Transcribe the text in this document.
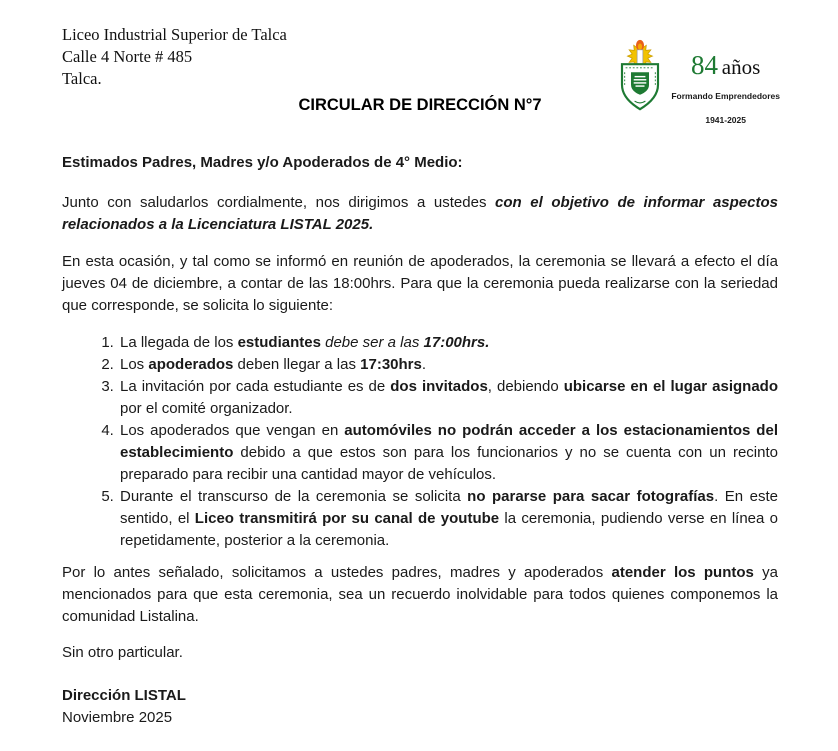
Liceo Industrial Superior de Talca
Calle 4 Norte # 485
Talca.	84 años
Formando Emprendedores
1941-2025
CIRCULAR DE DIRECCIÓN N°7

Estimados Padres, Madres y/o Apoderados de 4° Medio:

Junto con saludarlos cordialmente, nos dirigimos a ustedes con el objetivo de informar aspectos relacionados a la Licenciatura LISTAL 2025.

En esta ocasión, y tal como se informó en reunión de apoderados, la ceremonia se llevará a efecto el día jueves 04 de diciembre, a contar de las 18:00hrs. Para que la ceremonia pueda realizarse con la seriedad que corresponde, se solicita lo siguiente:

1. La llegada de los estudiantes debe ser a las 17:00hrs.
2. Los apoderados deben llegar a las 17:30hrs.
3. La invitación por cada estudiante es de dos invitados, debiendo ubicarse en el lugar asignado por el comité organizador.
4. Los apoderados que vengan en automóviles no podrán acceder a los estacionamientos del establecimiento debido a que estos son para los funcionarios y no se cuenta con un recinto preparado para recibir una cantidad mayor de vehículos.
5. Durante el transcurso de la ceremonia se solicita no pararse para sacar fotografías. En este sentido, el Liceo transmitirá por su canal de youtube la ceremonia, pudiendo verse en línea o repetidamente, posterior a la ceremonia.

Por lo antes señalado, solicitamos a ustedes padres, madres y apoderados atender los puntos ya mencionados para que esta ceremonia, sea un recuerdo inolvidable para todos quienes componemos la comunidad Listalina.

Sin otro particular.

Dirección LISTAL

Noviembre 2025
